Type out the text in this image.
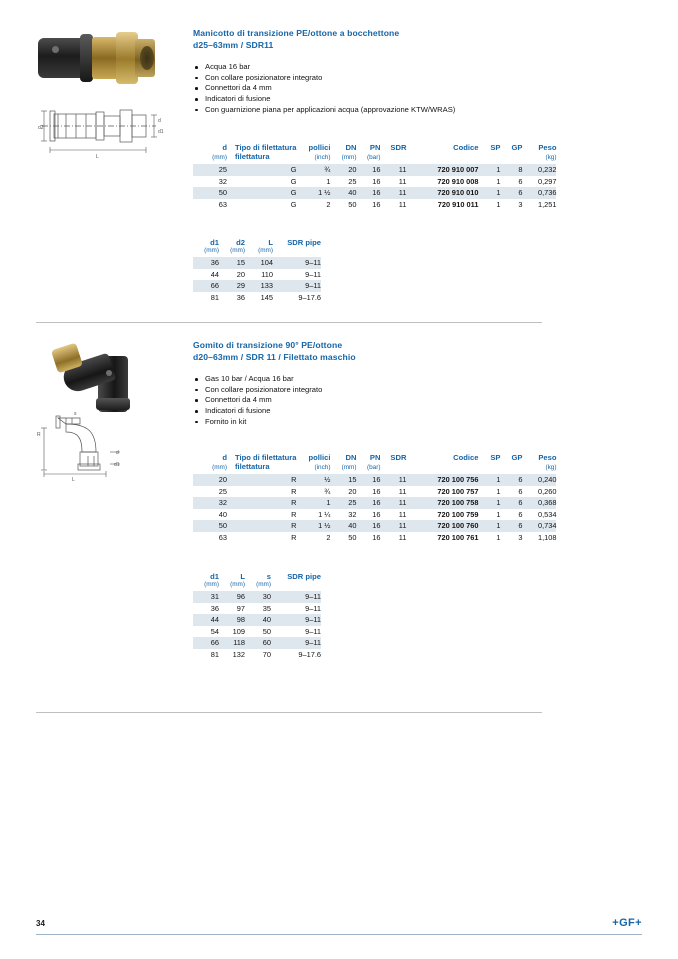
d2
d
d1
L
Manicotto di transizione PE/ottone a bocchettone
d25–63mm / SDR11
Acqua 16 bar
Con collare posizionatore integrato
Connettori da 4 mm
Indicatori di fusione
Con guarnizione piana per applicazioni acqua (approvazione KTW/WRAS)
d	Tipo di filettatura	pollici	DN	PN	SDR	Codice	SP	GP	Peso
(mm)	filettatura	(inch)	(mm)	(bar)					(kg)
25	G	¾	20	16	11	720 910 007	1	8	0,232
32	G	1	25	16	11	720 910 008	1	6	0,297
50	G	1 ½	40	16	11	720 910 010	1	6	0,736
63	G	2	50	16	11	720 910 011	1	3	1,251
d1	d2	L	SDR pipe
(mm)	(mm)	(mm)	
36	15	104	9–11
44	20	110	9–11
66	29	133	9–11
81	36	145	9–17.6
s
R
d
d1
L
Gomito di transizione 90° PE/ottone
d20–63mm / SDR 11 / Filettato maschio
Gas 10 bar / Acqua 16 bar
Con collare posizionatore integrato
Connettori da 4 mm
Indicatori di fusione
Fornito in kit
d	Tipo di filettatura	pollici	DN	PN	SDR	Codice	SP	GP	Peso
(mm)	filettatura	(inch)	(mm)	(bar)					(kg)
20	R	½	15	16	11	720 100 756	1	6	0,240
25	R	¾	20	16	11	720 100 757	1	6	0,260
32	R	1	25	16	11	720 100 758	1	6	0,368
40	R	1 ¼	32	16	11	720 100 759	1	6	0,534
50	R	1 ½	40	16	11	720 100 760	1	6	0,734
63	R	2	50	16	11	720 100 761	1	3	1,108
d1	L	s	SDR pipe
(mm)	(mm)	(mm)	
31	96	30	9–11
36	97	35	9–11
44	98	40	9–11
54	109	50	9–11
66	118	60	9–11
81	132	70	9–17.6
34	+GF+
